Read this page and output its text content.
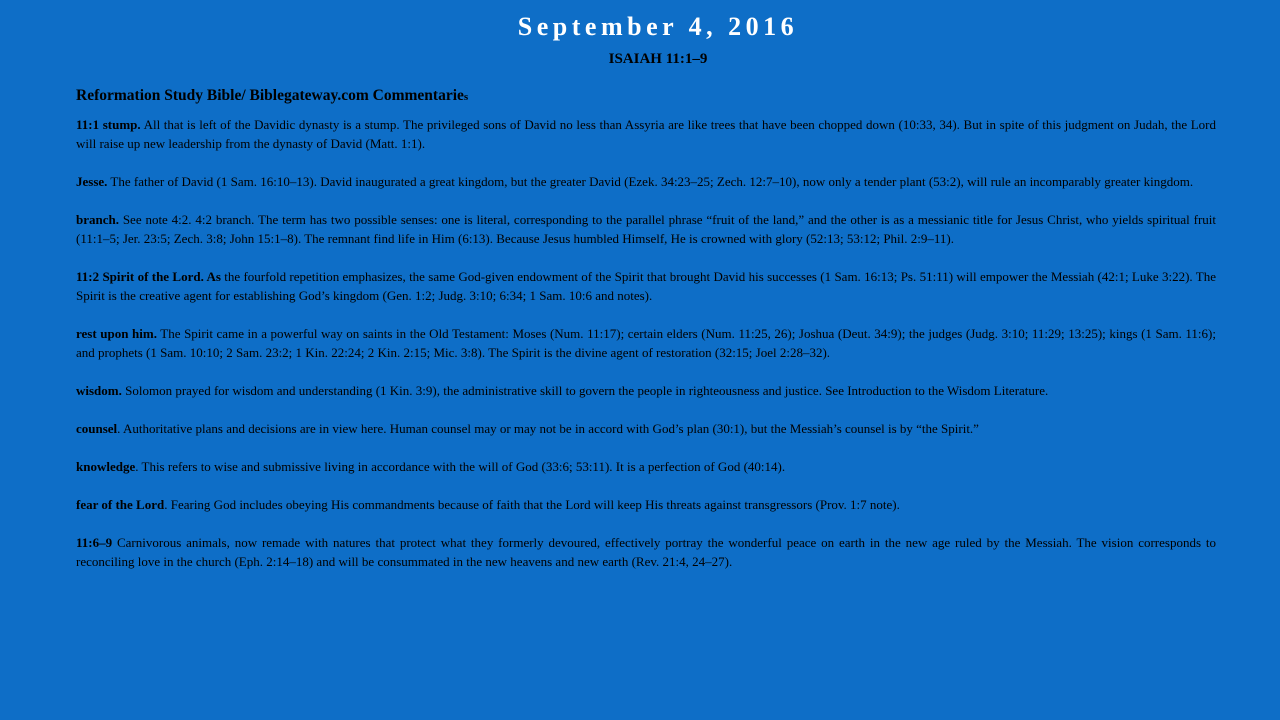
September 4, 2016
ISAIAH 11:1–9
Reformation Study Bible/ Biblegateway.com Commentaries

11:1 stump. All that is left of the Davidic dynasty is a stump. The privileged sons of David no less than Assyria are like trees that have been chopped down (10:33, 34). But in spite of this judgment on Judah, the Lord will raise up new leadership from the dynasty of David (Matt. 1:1).

Jesse. The father of David (1 Sam. 16:10–13). David inaugurated a great kingdom, but the greater David (Ezek. 34:23–25; Zech. 12:7–10), now only a tender plant (53:2), will rule an incomparably greater kingdom.

branch. See note 4:2. 4:2 branch. The term has two possible senses: one is literal, corresponding to the parallel phrase “fruit of the land,” and the other is as a messianic title for Jesus Christ, who yields spiritual fruit (11:1–5; Jer. 23:5; Zech. 3:8; John 15:1–8). The remnant find life in Him (6:13). Because Jesus humbled Himself, He is crowned with glory (52:13; 53:12; Phil. 2:9–11).

11:2 Spirit of the Lord. As the fourfold repetition emphasizes, the same God-given endowment of the Spirit that brought David his successes (1 Sam. 16:13; Ps. 51:11) will empower the Messiah (42:1; Luke 3:22). The Spirit is the creative agent for establishing God’s kingdom (Gen. 1:2; Judg. 3:10; 6:34; 1 Sam. 10:6 and notes).

rest upon him. The Spirit came in a powerful way on saints in the Old Testament: Moses (Num. 11:17); certain elders (Num. 11:25, 26); Joshua (Deut. 34:9); the judges (Judg. 3:10; 11:29; 13:25); kings (1 Sam. 11:6); and prophets (1 Sam. 10:10; 2 Sam. 23:2; 1 Kin. 22:24; 2 Kin. 2:15; Mic. 3:8). The Spirit is the divine agent of restoration (32:15; Joel 2:28–32).

wisdom. Solomon prayed for wisdom and understanding (1 Kin. 3:9), the administrative skill to govern the people in righteousness and justice. See Introduction to the Wisdom Literature.

counsel. Authoritative plans and decisions are in view here. Human counsel may or may not be in accord with God’s plan (30:1), but the Messiah’s counsel is by “the Spirit.”

knowledge. This refers to wise and submissive living in accordance with the will of God (33:6; 53:11). It is a perfection of God (40:14).

fear of the Lord. Fearing God includes obeying His commandments because of faith that the Lord will keep His threats against transgressors (Prov. 1:7 note).

11:6–9 Carnivorous animals, now remade with natures that protect what they formerly devoured, effectively portray the wonderful peace on earth in the new age ruled by the Messiah. The vision corresponds to reconciling love in the church (Eph. 2:14–18) and will be consummated in the new heavens and new earth (Rev. 21:4, 24–27).
